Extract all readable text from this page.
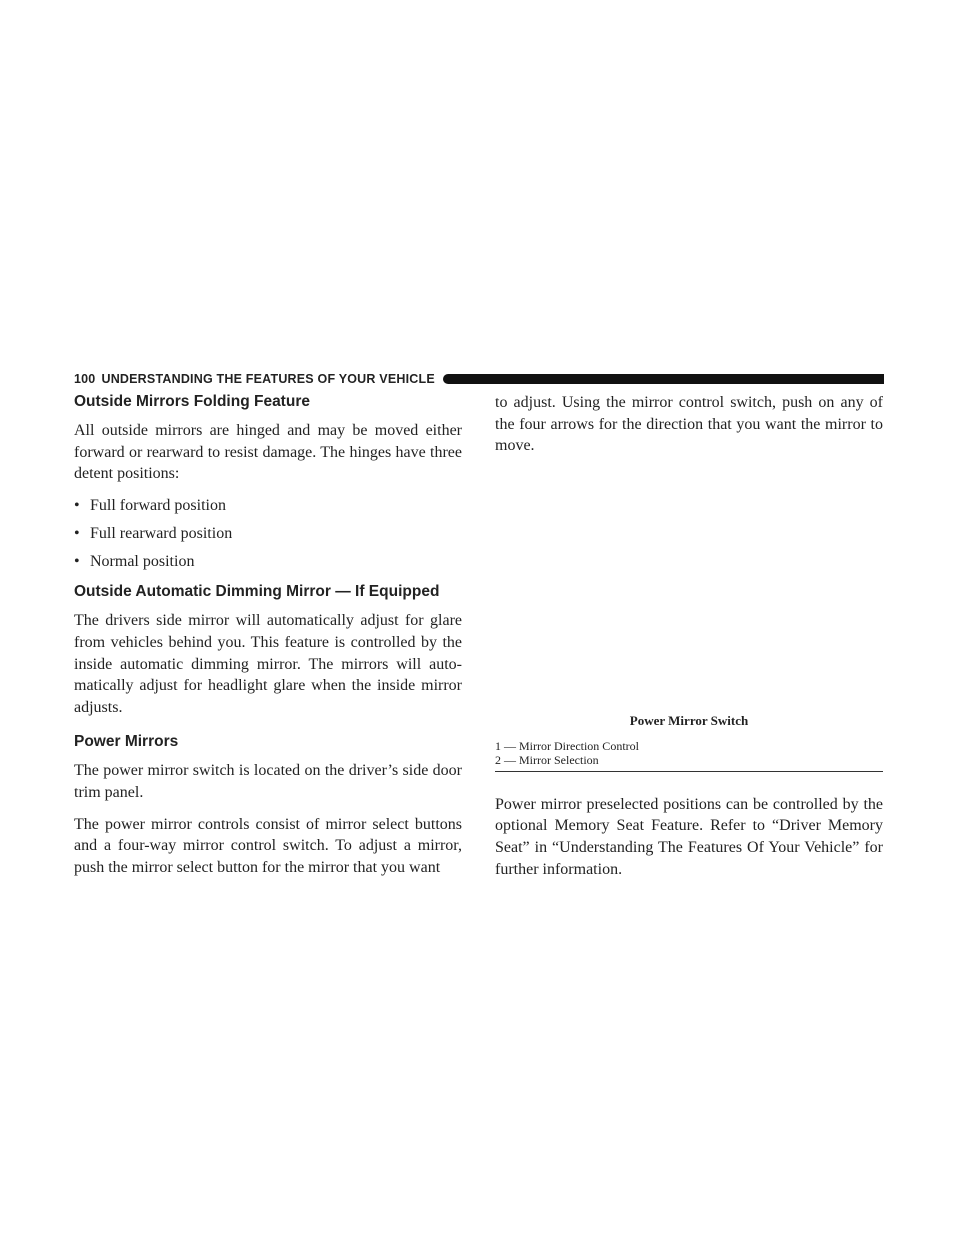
100 UNDERSTANDING THE FEATURES OF YOUR VEHICLE
Outside Mirrors Folding Feature

All outside mirrors are hinged and may be moved either forward or rearward to resist damage. The hinges have three detent positions:

• Full forward position
• Full rearward position
• Normal position
Outside Automatic Dimming Mirror — If Equipped

The drivers side mirror will automatically adjust for glare from vehicles behind you. This feature is controlled by the inside automatic dimming mirror. The mirrors will auto-matically adjust for headlight glare when the inside mirror adjusts.

Power Mirrors

The power mirror switch is located on the driver’s side door trim panel.

The power mirror controls consist of mirror select buttons and a four-way mirror control switch. To adjust a mirror, push the mirror select button for the mirror that you want

to adjust. Using the mirror control switch, push on any of the four arrows for the direction that you want the mirror to move.

Power Mirror Switch
1 — Mirror Direction Control
2 — Mirror Selection

Power mirror preselected positions can be controlled by the optional Memory Seat Feature. Refer to “Driver Memory Seat” in “Understanding The Features Of Your Vehicle” for further information.
